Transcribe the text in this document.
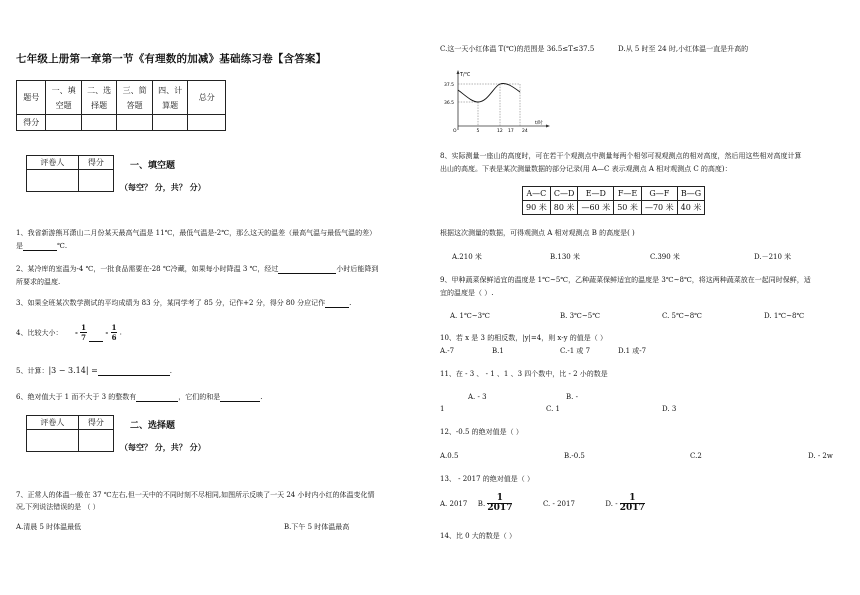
七年级上册第一章第一节《有理数的加减》基础练习卷【含答案】
题号	一、填空题	二、选择题	三、简答题	四、计算题	总分
得分					
评卷人	得分
		一、填空题
（每空？ 分，共？ 分）
1、我省新游熊耳潇山二月份某天最高气温是 11℃，最低气温是-2℃，那么这天的温差（最高气温与最低气温的差）
是	℃.
2、某冷库的室温为-4 ℃，一批食品需要在-28 ℃冷藏，如果每小时降温 3 ℃，经过	小时后能降到
所要求的温度.
3、如果全班某次数学测试的平均成绩为 83 分，某同学考了 85 分，记作+2 分，得分 80 分应记作	.
4、比较大小： - $\frac{1}{7}$	- $\frac{1}{6}$ .
5、计算：|3 − 3.14| =	.
6、绝对值大于 1 而不大于 3 的整数有	，它们的和是	.
评卷人	得分
		二、选择题
（每空？ 分，共？ 分）
7、正常人的体温一般在 37 ℃左右,但一天中的不同时刻不尽相同,如图所示反映了一天 24 小时内小红的体温变化情
况,下列说法错误的是 （ ）
A.清晨 5 时体温最低	B.下午 5 时体温最高
C.这一天小红体温 T(℃)的范围是 36.5≤T≤37.5	D.从 5 时至 24 时,小红体温一直是升高的
T/℃
37.5
36.5
O	5	12 17 24
t/时
8、实际测量一座山的高度时，可在若干个观测点中测量每两个相邻可视观测点的相对高度，然后用这些相对高度计算
出山的高度。下表是某次测量数据的部分记录(用 A—C 表示观测点 A 相对观测点 C 的高度)：
A—C	C—D	E—D	F—E	G—F	B—G
90 米	80 米	—60 米	50 米	—70 米	40 米
根据这次测量的数据，可得观测点 A 相对观测点 B 的高度是( )
A.210 米	B.130 米	C.390 米	D.－210 米
9、甲种蔬菜保鲜适宜的温度是 1℃~5℃，乙种蔬菜保鲜适宜的温度是 3℃~8℃，将这两种蔬菜放在一起同时保鲜，适
宜的温度是（ ）.
A. 1℃~3℃	B. 3℃~5℃	C. 5℃~8℃	D. 1℃~8℃
10、若 x 是 3 的相反数，|y|=4，则 x-y 的值是（ ）
A.-7	B.1	C.-1 或 7	D.1 或-7
11、在 - 3 、 - 1 、1 、3 四个数中，比 - 2 小的数是
A. - 3	B. -
1	C. 1	D. 3
12、-0.5 的绝对值是（ ）
A.0.5	B.-0.5	C.2	D. - 2w
13、 - 2017 的绝对值是（ ）
A. 2017 B. $\frac{1}{2017}$	C. - 2017	D. - $\frac{1}{2017}$
14、比 0 大的数是（ ）
